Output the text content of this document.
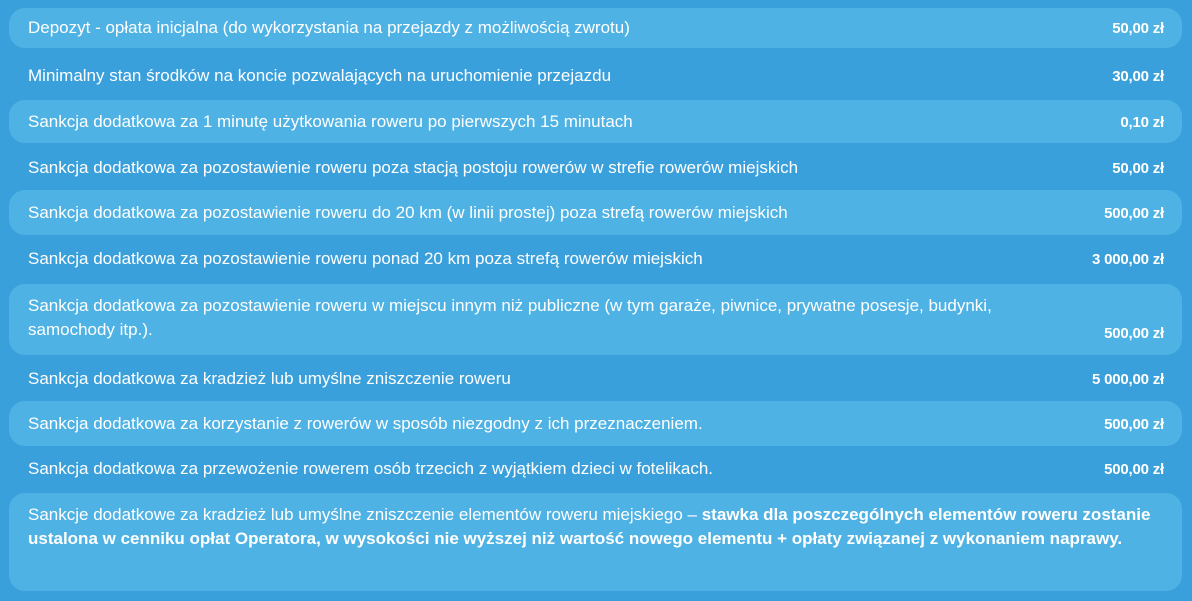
Depozyt - opłata inicjalna (do wykorzystania na przejazdy z możliwością zwrotu)	50,00 zł
Minimalny stan środków na koncie pozwalających na uruchomienie przejazdu	30,00 zł
Sankcja dodatkowa za 1 minutę użytkowania roweru po pierwszych 15 minutach	0,10 zł
Sankcja dodatkowa za pozostawienie roweru poza stacją postoju rowerów w strefie rowerów miejskich	50,00 zł
Sankcja dodatkowa za pozostawienie roweru do 20 km (w linii prostej) poza strefą rowerów miejskich	500,00 zł
Sankcja dodatkowa za pozostawienie roweru ponad 20 km poza strefą rowerów miejskich	3 000,00 zł
Sankcja dodatkowa za pozostawienie roweru w miejscu innym niż publiczne (w tym garaże, piwnice, prywatne posesje, budynki, samochody itp.).	500,00 zł
Sankcja dodatkowa za kradzież lub umyślne zniszczenie roweru	5 000,00 zł
Sankcja dodatkowa za korzystanie z rowerów w sposób niezgodny z ich przeznaczeniem.	500,00 zł
Sankcja dodatkowa za przewożenie rowerem osób trzecich z wyjątkiem dzieci w fotelikach.	500,00 zł
Sankcje dodatkowe za kradzież lub umyślne zniszczenie elementów roweru miejskiego – stawka dla poszczególnych elementów roweru zostanie ustalona w cenniku opłat Operatora, w wysokości nie wyższej niż wartość nowego elementu + opłaty związanej z wykonaniem naprawy.
